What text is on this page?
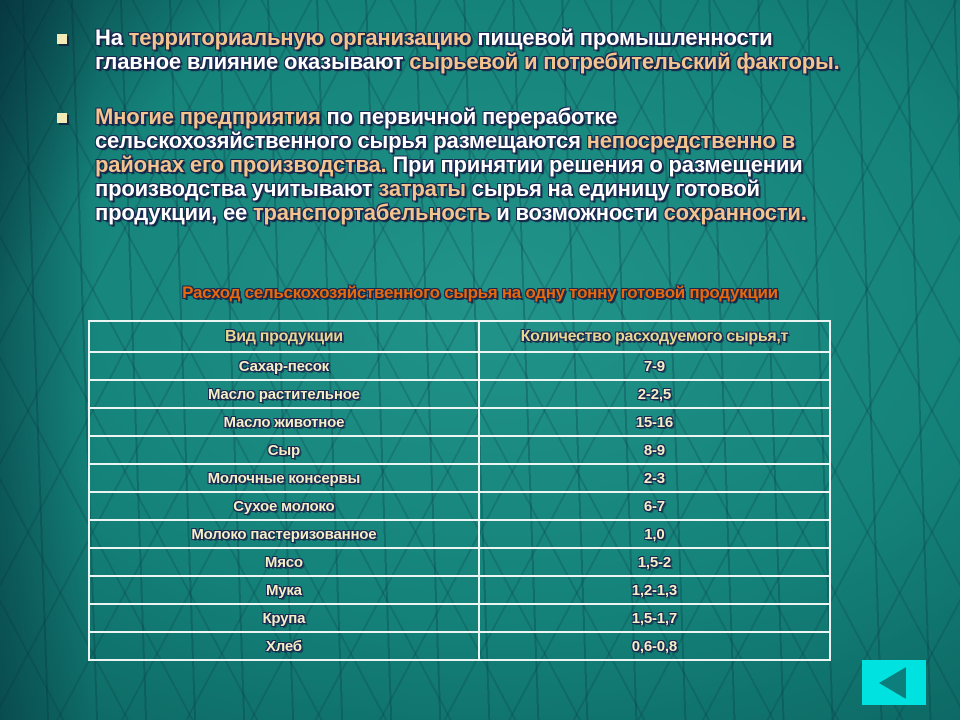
На территориальную организацию пищевой промышленности главное влияние оказывают сырьевой и потребительский факторы.

Многие предприятия по первичной переработке сельскохозяйственного сырья размещаются непосредственно в районах его производства. При принятии решения о размещении производства учитывают затраты сырья на единицу готовой продукции, ее транспортабельность и возможности сохранности.

Расход сельскохозяйственного сырья на одну тонну готовой продукции
Вид продукции	Количество расходуемого сырья,т
Сахар-песок	7-9
Масло растительное	2-2,5
Масло животное	15-16
Сыр	8-9
Молочные консервы	2-3
Сухое молоко	6-7
Молоко пастеризованное	1,0
Мясо	1,5-2
Мука	1,2-1,3
Крупа	1,5-1,7
Хлеб	0,6-0,8
